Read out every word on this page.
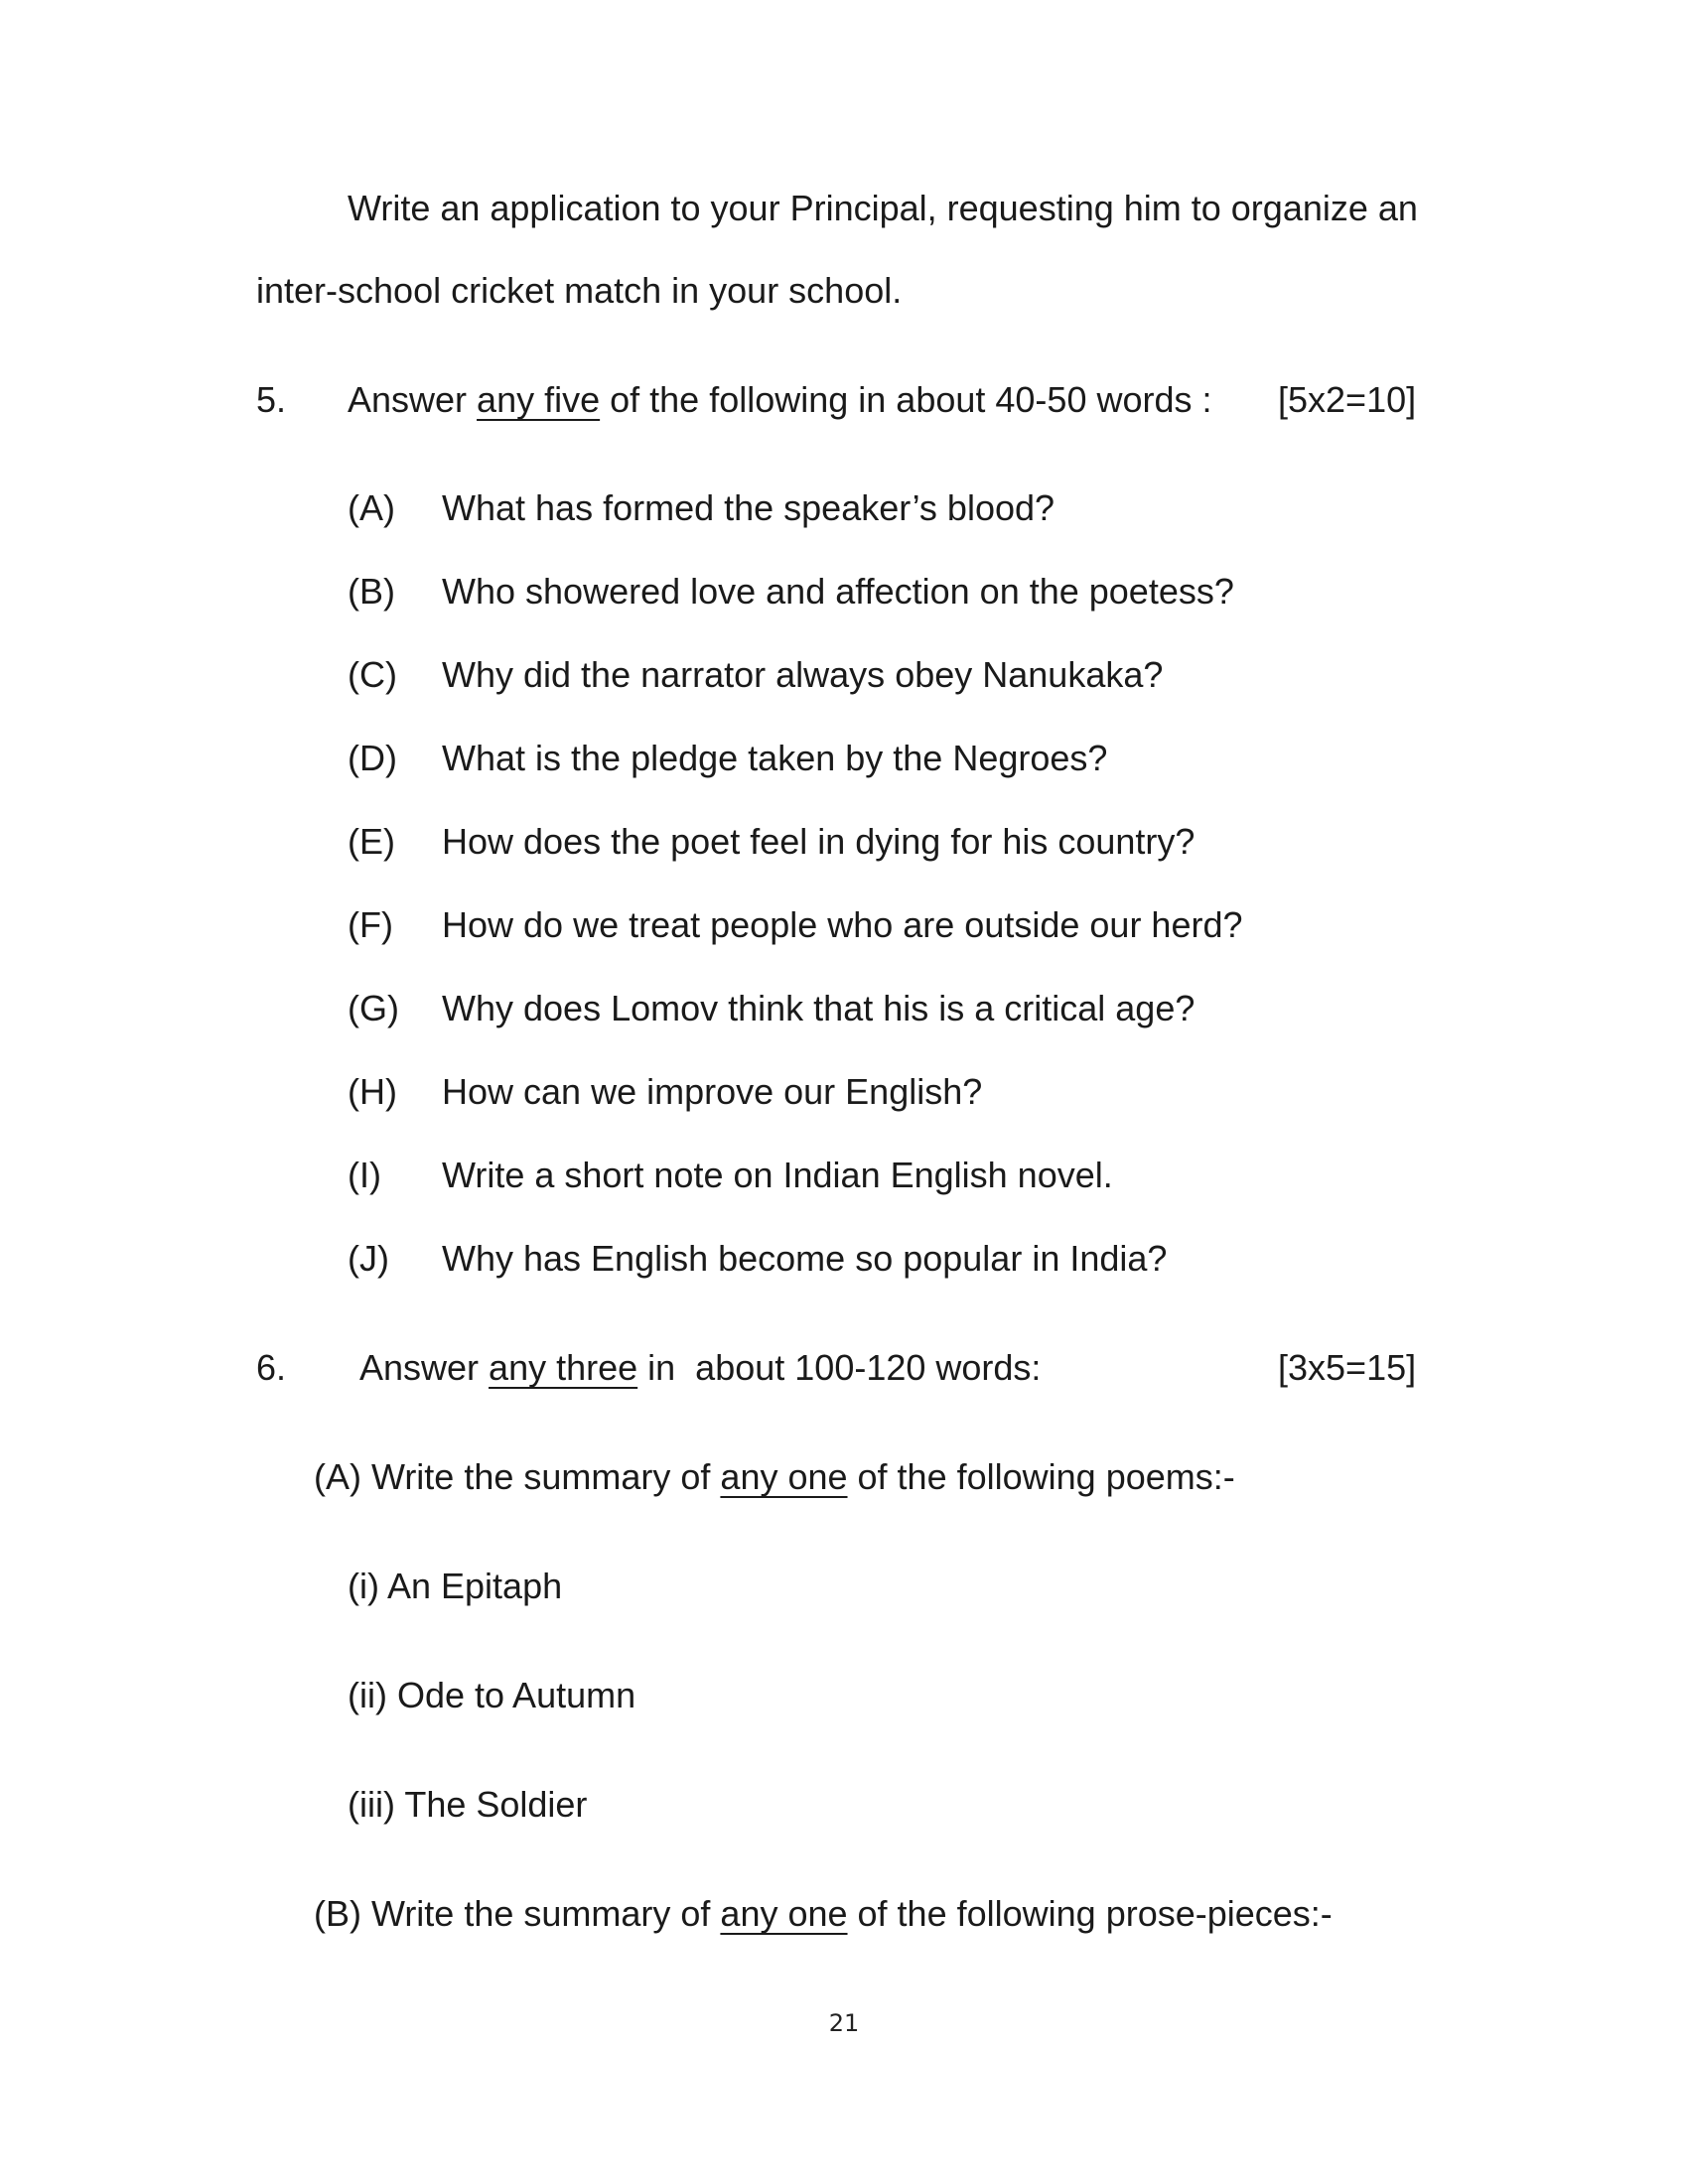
Write an application to your Principal, requesting him to organize an
inter-school cricket match in your school.
5. Answer any five of the following in about 40-50 words : [5x2=10]
(A) What has formed the speaker’s blood?
(B) Who showered love and affection on the poetess?
(C) Why did the narrator always obey Nanukaka?
(D) What is the pledge taken by the Negroes?
(E) How does the poet feel in dying for his country?
(F) How do we treat people who are outside our herd?
(G) Why does Lomov think that his is a critical age?
(H) How can we improve our English?
(I) Write a short note on Indian English novel.
(J) Why has English become so popular in India?
6. Answer any three in  about 100-120 words:	[3x5=15]
(A) Write the summary of any one of the following poems:-
(i) An Epitaph
(ii) Ode to Autumn
(iii) The Soldier
(B) Write the summary of any one of the following prose-pieces:-
21
